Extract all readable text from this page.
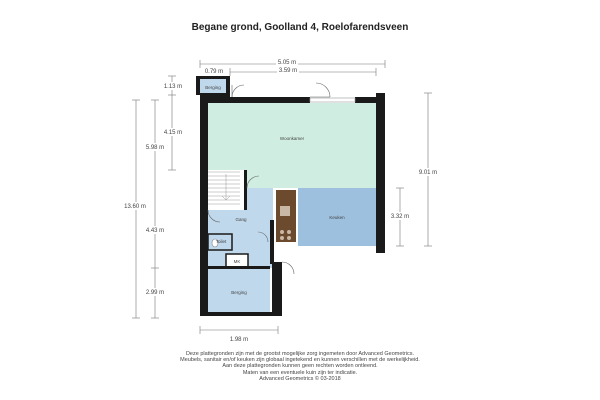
Begane grond, Goolland 4, Roelofarendsveen
5.05 m
3.59 m
0.79 m
1.13 m
4.15 m
5.98 m
13.60 m
4.43 m
2.99 m
9.01 m
3.32 m
1.98 m
Berging
Woonkamer
Keuken
Gang
Toilet
MK
Berging
Deze plattegronden zijn met de grootst mogelijke zorg ingemeten door Advanced Geometrics.
Meubels, sanitair en/of keuken zijn globaal ingetekend en kunnen verschillen met de werkelijkheid.
Aan deze plattegronden kunnen geen rechten worden ontleend.
Maten van een eventuele kuin zijn ter indicatie.
Advanced Geometrics © 03-2018
